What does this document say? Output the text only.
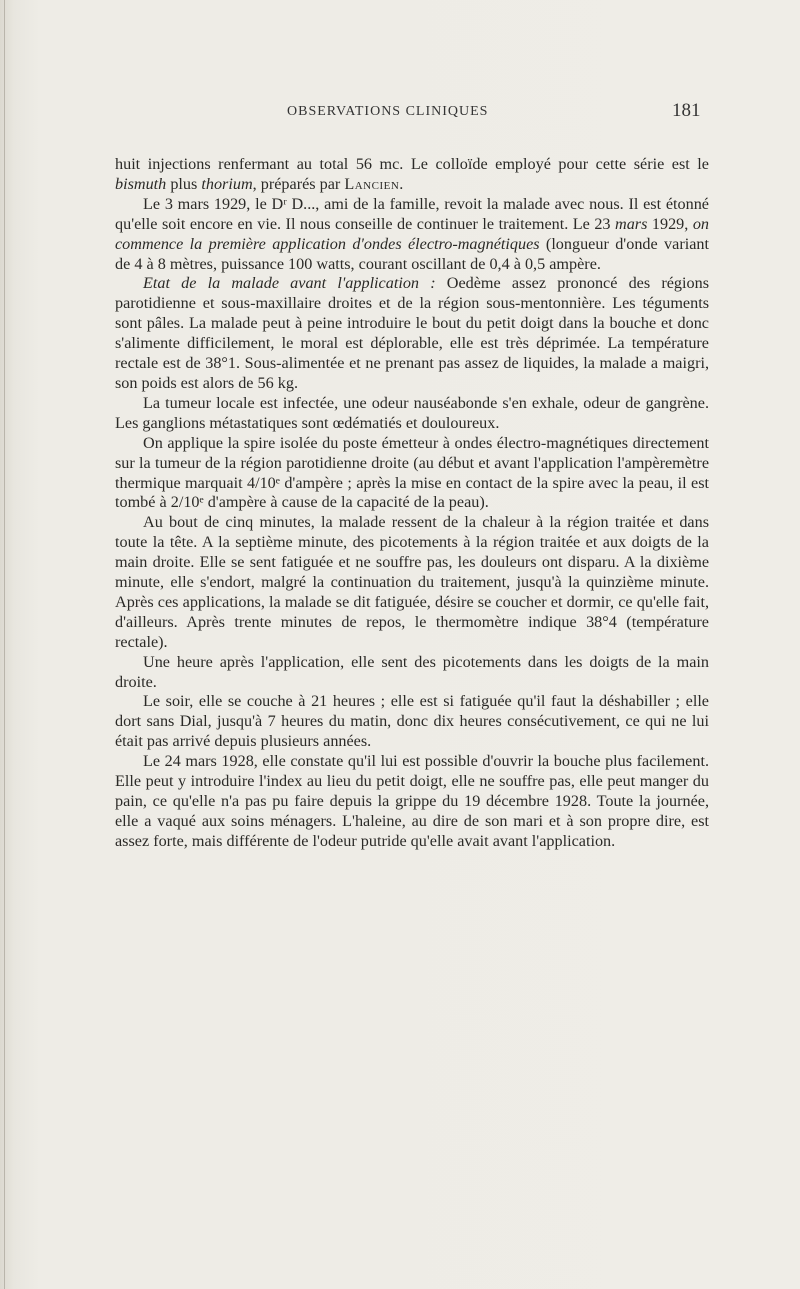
OBSERVATIONS CLINIQUES	181

huit injections renfermant au total 56 mc. Le colloïde employé pour cette série est le bismuth plus thorium, préparés par Lancien.

Le 3 mars 1929, le Dʳ D..., ami de la famille, revoit la malade avec nous. Il est étonné qu'elle soit encore en vie. Il nous conseille de continuer le traitement. Le 23 mars 1929, on commence la première application d'ondes électro-magnétiques (longueur d'onde variant de 4 à 8 mètres, puissance 100 watts, courant oscillant de 0,4 à 0,5 ampère.

Etat de la malade avant l'application : Oedème assez prononcé des régions parotidienne et sous-maxillaire droites et de la région sous-mentonnière. Les téguments sont pâles. La malade peut à peine introduire le bout du petit doigt dans la bouche et donc s'alimente difficilement, le moral est déplorable, elle est très déprimée. La température rectale est de 38°1. Sous-alimentée et ne prenant pas assez de liquides, la malade a maigri, son poids est alors de 56 kg.

La tumeur locale est infectée, une odeur nauséabonde s'en exhale, odeur de gangrène. Les ganglions métastatiques sont œdématiés et douloureux.

On applique la spire isolée du poste émetteur à ondes électro-magnétiques directement sur la tumeur de la région parotidienne droite (au début et avant l'application l'ampèremètre thermique marquait 4/10ᵉ d'ampère ; après la mise en contact de la spire avec la peau, il est tombé à 2/10ᵉ d'ampère à cause de la capacité de la peau).

Au bout de cinq minutes, la malade ressent de la chaleur à la région traitée et dans toute la tête. A la septième minute, des picotements à la région traitée et aux doigts de la main droite. Elle se sent fatiguée et ne souffre pas, les douleurs ont disparu. A la dixième minute, elle s'endort, malgré la continuation du traitement, jusqu'à la quinzième minute. Après ces applications, la malade se dit fatiguée, désire se coucher et dormir, ce qu'elle fait, d'ailleurs. Après trente minutes de repos, le thermomètre indique 38°4 (température rectale).

Une heure après l'application, elle sent des picotements dans les doigts de la main droite.

Le soir, elle se couche à 21 heures ; elle est si fatiguée qu'il faut la déshabiller ; elle dort sans Dial, jusqu'à 7 heures du matin, donc dix heures consécutivement, ce qui ne lui était pas arrivé depuis plusieurs années.

Le 24 mars 1928, elle constate qu'il lui est possible d'ouvrir la bouche plus facilement. Elle peut y introduire l'index au lieu du petit doigt, elle ne souffre pas, elle peut manger du pain, ce qu'elle n'a pas pu faire depuis la grippe du 19 décembre 1928. Toute la journée, elle a vaqué aux soins ménagers. L'haleine, au dire de son mari et à son propre dire, est assez forte, mais différente de l'odeur putride qu'elle avait avant l'application.
